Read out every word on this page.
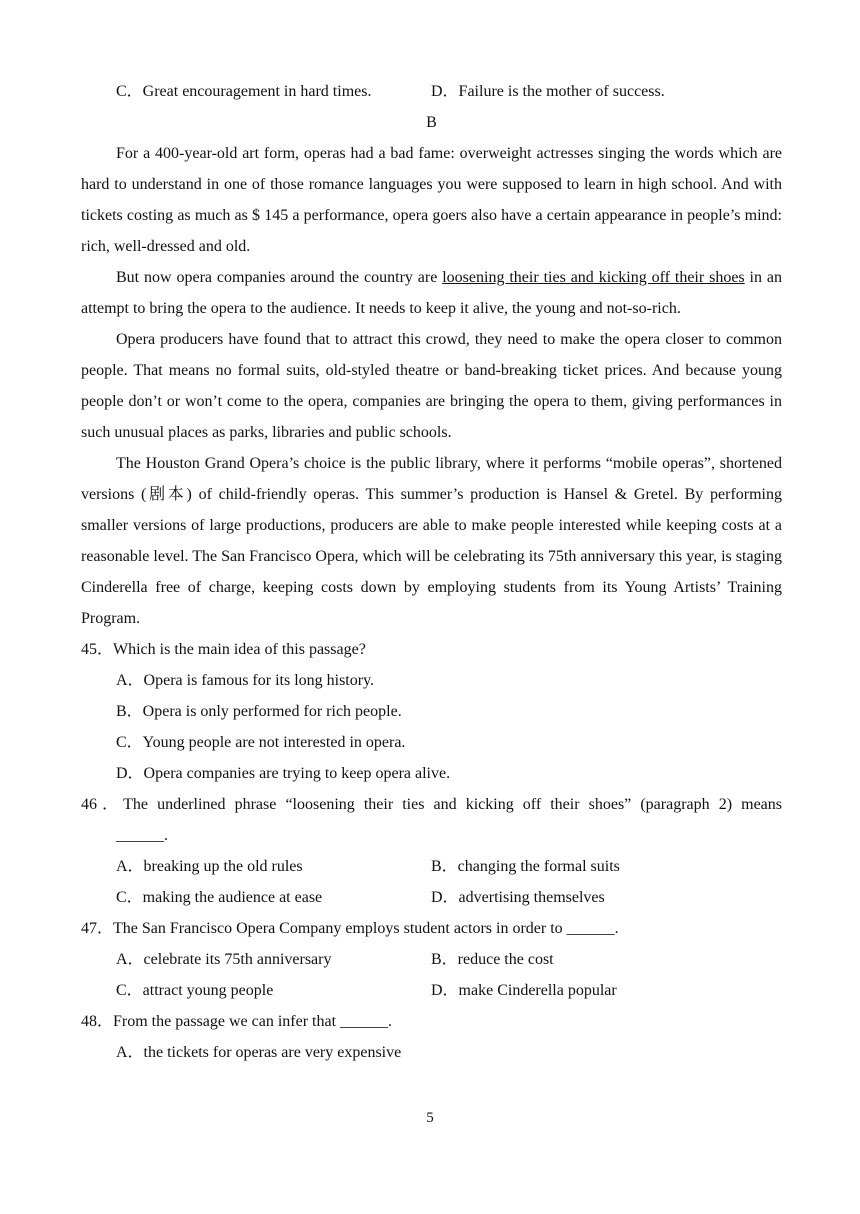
C．Great encouragement in hard times.	D．Failure is the mother of success.

B

For a 400-year-old art form, operas had a bad fame: overweight actresses singing the words which are hard to understand in one of those romance languages you were supposed to learn in high school. And with tickets costing as much as $ 145 a performance, opera goers also have a certain appearance in people’s mind: rich, well-dressed and old.

But now opera companies around the country are loosening their ties and kicking off their shoes in an attempt to bring the opera to the audience. It needs to keep it alive, the young and not-so-rich.

Opera producers have found that to attract this crowd, they need to make the opera closer to common people. That means no formal suits, old-styled theatre or band-breaking ticket prices. And because young people don’t or won’t come to the opera, companies are bringing the opera to them, giving performances in such unusual places as parks, libraries and public schools.

The Houston Grand Opera’s choice is the public library, where it performs “mobile operas”, shortened versions (剧本) of child-friendly operas. This summer’s production is Hansel & Gretel. By performing smaller versions of large productions, producers are able to make people interested while keeping costs at a reasonable level. The San Francisco Opera, which will be celebrating its 75th anniversary this year, is staging Cinderella free of charge, keeping costs down by employing students from its Young Artists’ Training Program.

45．Which is the main idea of this passage?

A．Opera is famous for its long history.

B．Opera is only performed for rich people.

C．Young people are not interested in opera.

D．Opera companies are trying to keep opera alive.

46．The underlined phrase “loosening their ties and kicking off their shoes” (paragraph 2) means

______.

A．breaking up the old rules	B．changing the formal suits
C．making the audience at ease	D．advertising themselves

47．The San Francisco Opera Company employs student actors in order to ______.

A．celebrate its 75th anniversary	B．reduce the cost
C．attract young people	D．make Cinderella popular

48．From the passage we can infer that ______.

A．the tickets for operas are very expensive

5
